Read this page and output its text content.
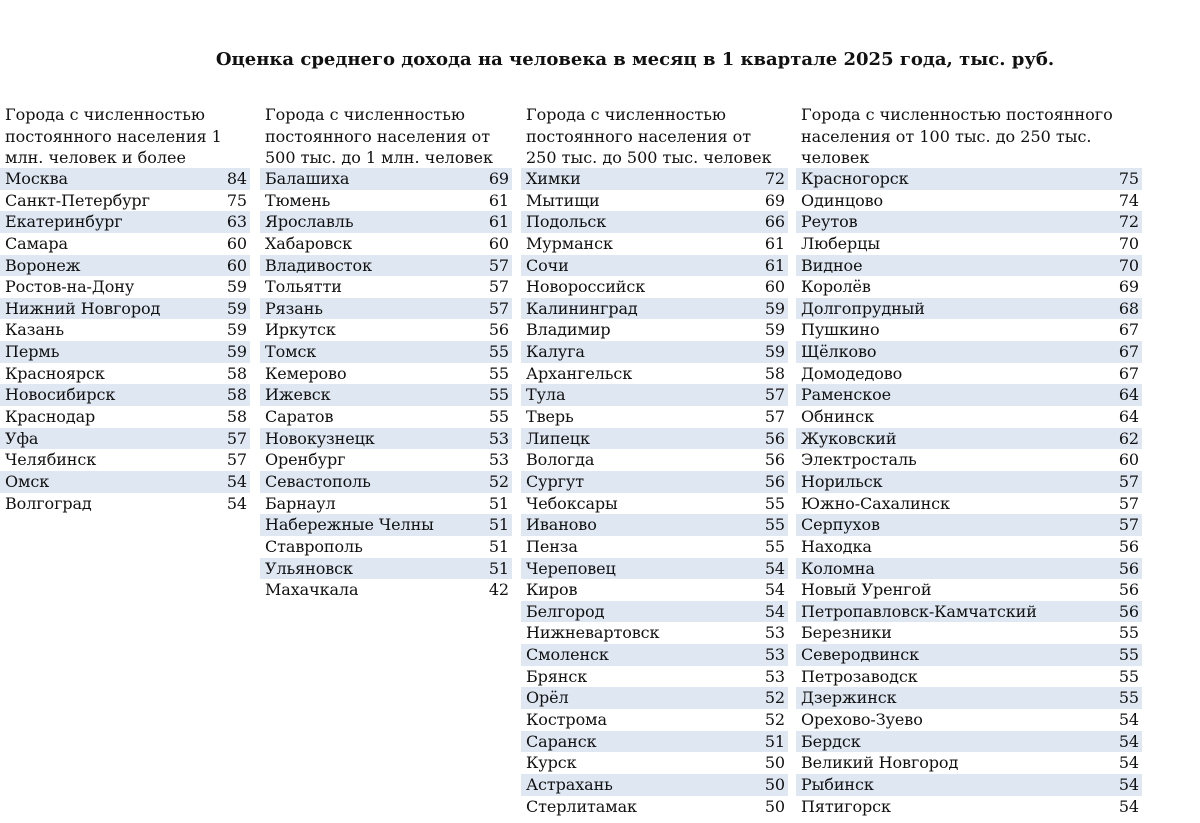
Оценка среднего дохода на человека в месяц в 1 квартале 2025 года, тыс. руб.
Города с численностью постоянного населения 1 млн. человек и более
Москва	84
Санкт-Петербург	75
Екатеринбург	63
Самара	60
Воронеж	60
Ростов-на-Дону	59
Нижний Новгород	59
Казань	59
Пермь	59
Красноярск	58
Новосибирск	58
Краснодар	58
Уфа	57
Челябинск	57
Омск	54
Волгоград	54
Города с численностью постоянного населения от 500 тыс. до 1 млн. человек
Балашиха	69
Тюмень	61
Ярославль	61
Хабаровск	60
Владивосток	57
Тольятти	57
Рязань	57
Иркутск	56
Томск	55
Кемерово	55
Ижевск	55
Саратов	55
Новокузнецк	53
Оренбург	53
Севастополь	52
Барнаул	51
Набережные Челны	51
Ставрополь	51
Ульяновск	51
Махачкала	42
Города с численностью постоянного населения от 250 тыс. до 500 тыс. человек
Химки	72
Мытищи	69
Подольск	66
Мурманск	61
Сочи	61
Новороссийск	60
Калининград	59
Владимир	59
Калуга	59
Архангельск	58
Тула	57
Тверь	57
Липецк	56
Вологда	56
Сургут	56
Чебоксары	55
Иваново	55
Пенза	55
Череповец	54
Киров	54
Белгород	54
Нижневартовск	53
Смоленск	53
Брянск	53
Орёл	52
Кострома	52
Саранск	51
Курск	50
Астрахань	50
Стерлитамак	50
Города с численностью постоянного населения от 100 тыс. до 250 тыс. человек
Красногорск	75
Одинцово	74
Реутов	72
Люберцы	70
Видное	70
Королёв	69
Долгопрудный	68
Пушкино	67
Щёлково	67
Домодедово	67
Раменское	64
Обнинск	64
Жуковский	62
Электросталь	60
Норильск	57
Южно-Сахалинск	57
Серпухов	57
Находка	56
Коломна	56
Новый Уренгой	56
Петропавловск-Камчатский	56
Березники	55
Северодвинск	55
Петрозаводск	55
Дзержинск	55
Орехово-Зуево	54
Бердск	54
Великий Новгород	54
Рыбинск	54
Пятигорск	54
